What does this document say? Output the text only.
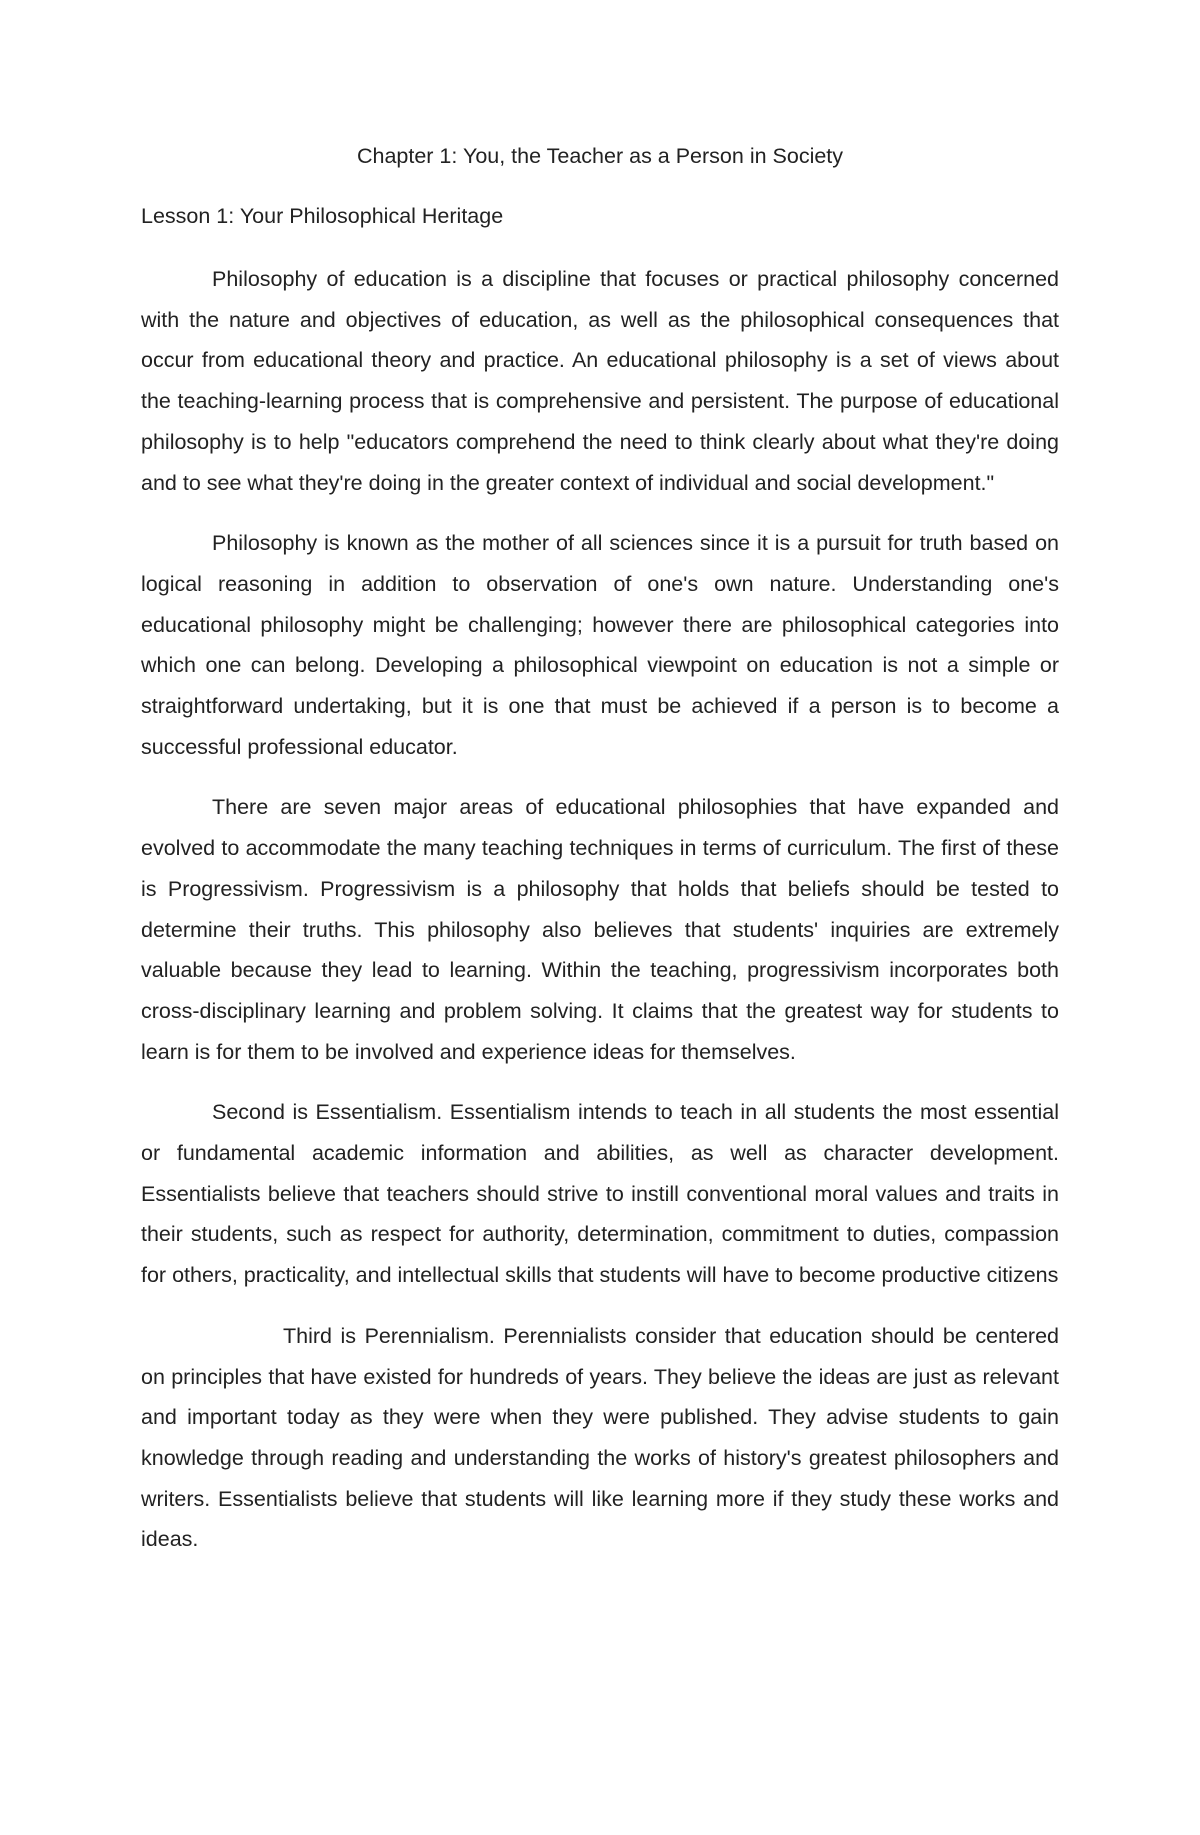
Chapter 1: You, the Teacher as a Person in Society
Lesson 1: Your Philosophical Heritage

Philosophy of education is a discipline that focuses or practical philosophy concerned with the nature and objectives of education, as well as the philosophical consequences that occur from educational theory and practice. An educational philosophy is a set of views about the teaching-learning process that is comprehensive and persistent. The purpose of educational philosophy is to help "educators comprehend the need to think clearly about what they're doing and to see what they're doing in the greater context of individual and social development."

Philosophy is known as the mother of all sciences since it is a pursuit for truth based on logical reasoning in addition to observation of one's own nature. Understanding one's educational philosophy might be challenging; however there are philosophical categories into which one can belong. Developing a philosophical viewpoint on education is not a simple or straightforward undertaking, but it is one that must be achieved if a person is to become a successful professional educator.

There are seven major areas of educational philosophies that have expanded and evolved to accommodate the many teaching techniques in terms of curriculum. The first of these is Progressivism. Progressivism is a philosophy that holds that beliefs should be tested to determine their truths. This philosophy also believes that students' inquiries are extremely valuable because they lead to learning. Within the teaching, progressivism incorporates both cross-disciplinary learning and problem solving. It claims that the greatest way for students to learn is for them to be involved and experience ideas for themselves.

Second is Essentialism. Essentialism intends to teach in all students the most essential or fundamental academic information and abilities, as well as character development. Essentialists believe that teachers should strive to instill conventional moral values and traits in their students, such as respect for authority, determination, commitment to duties, compassion for others, practicality, and intellectual skills that students will have to become productive citizens

Third is Perennialism. Perennialists consider that education should be centered on principles that have existed for hundreds of years. They believe the ideas are just as relevant and important today as they were when they were published. They advise students to gain knowledge through reading and understanding the works of history's greatest philosophers and writers. Essentialists believe that students will like learning more if they study these works and ideas.
